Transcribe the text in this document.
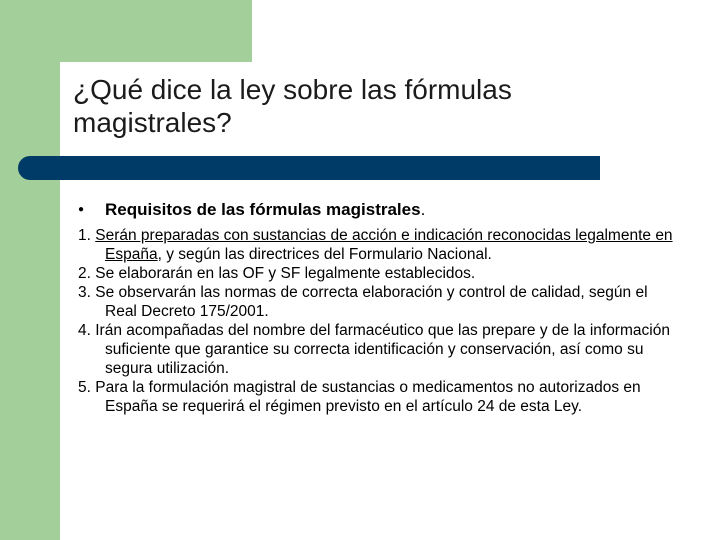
¿Qué dice la ley sobre las fórmulas magistrales?
● Requisitos de las fórmulas magistrales.
1. Serán preparadas con sustancias de acción e indicación reconocidas legalmente en España, y según las directrices del Formulario Nacional.
2. Se elaborarán en las OF y SF legalmente establecidos.
3. Se observarán las normas de correcta elaboración y control de calidad, según el Real Decreto 175/2001.
4. Irán acompañadas del nombre del farmacéutico que las prepare y de la información suficiente que garantice su correcta identificación y conservación, así como su segura utilización.
5. Para la formulación magistral de sustancias o medicamentos no autorizados en España se requerirá el régimen previsto en el artículo 24 de esta Ley.
